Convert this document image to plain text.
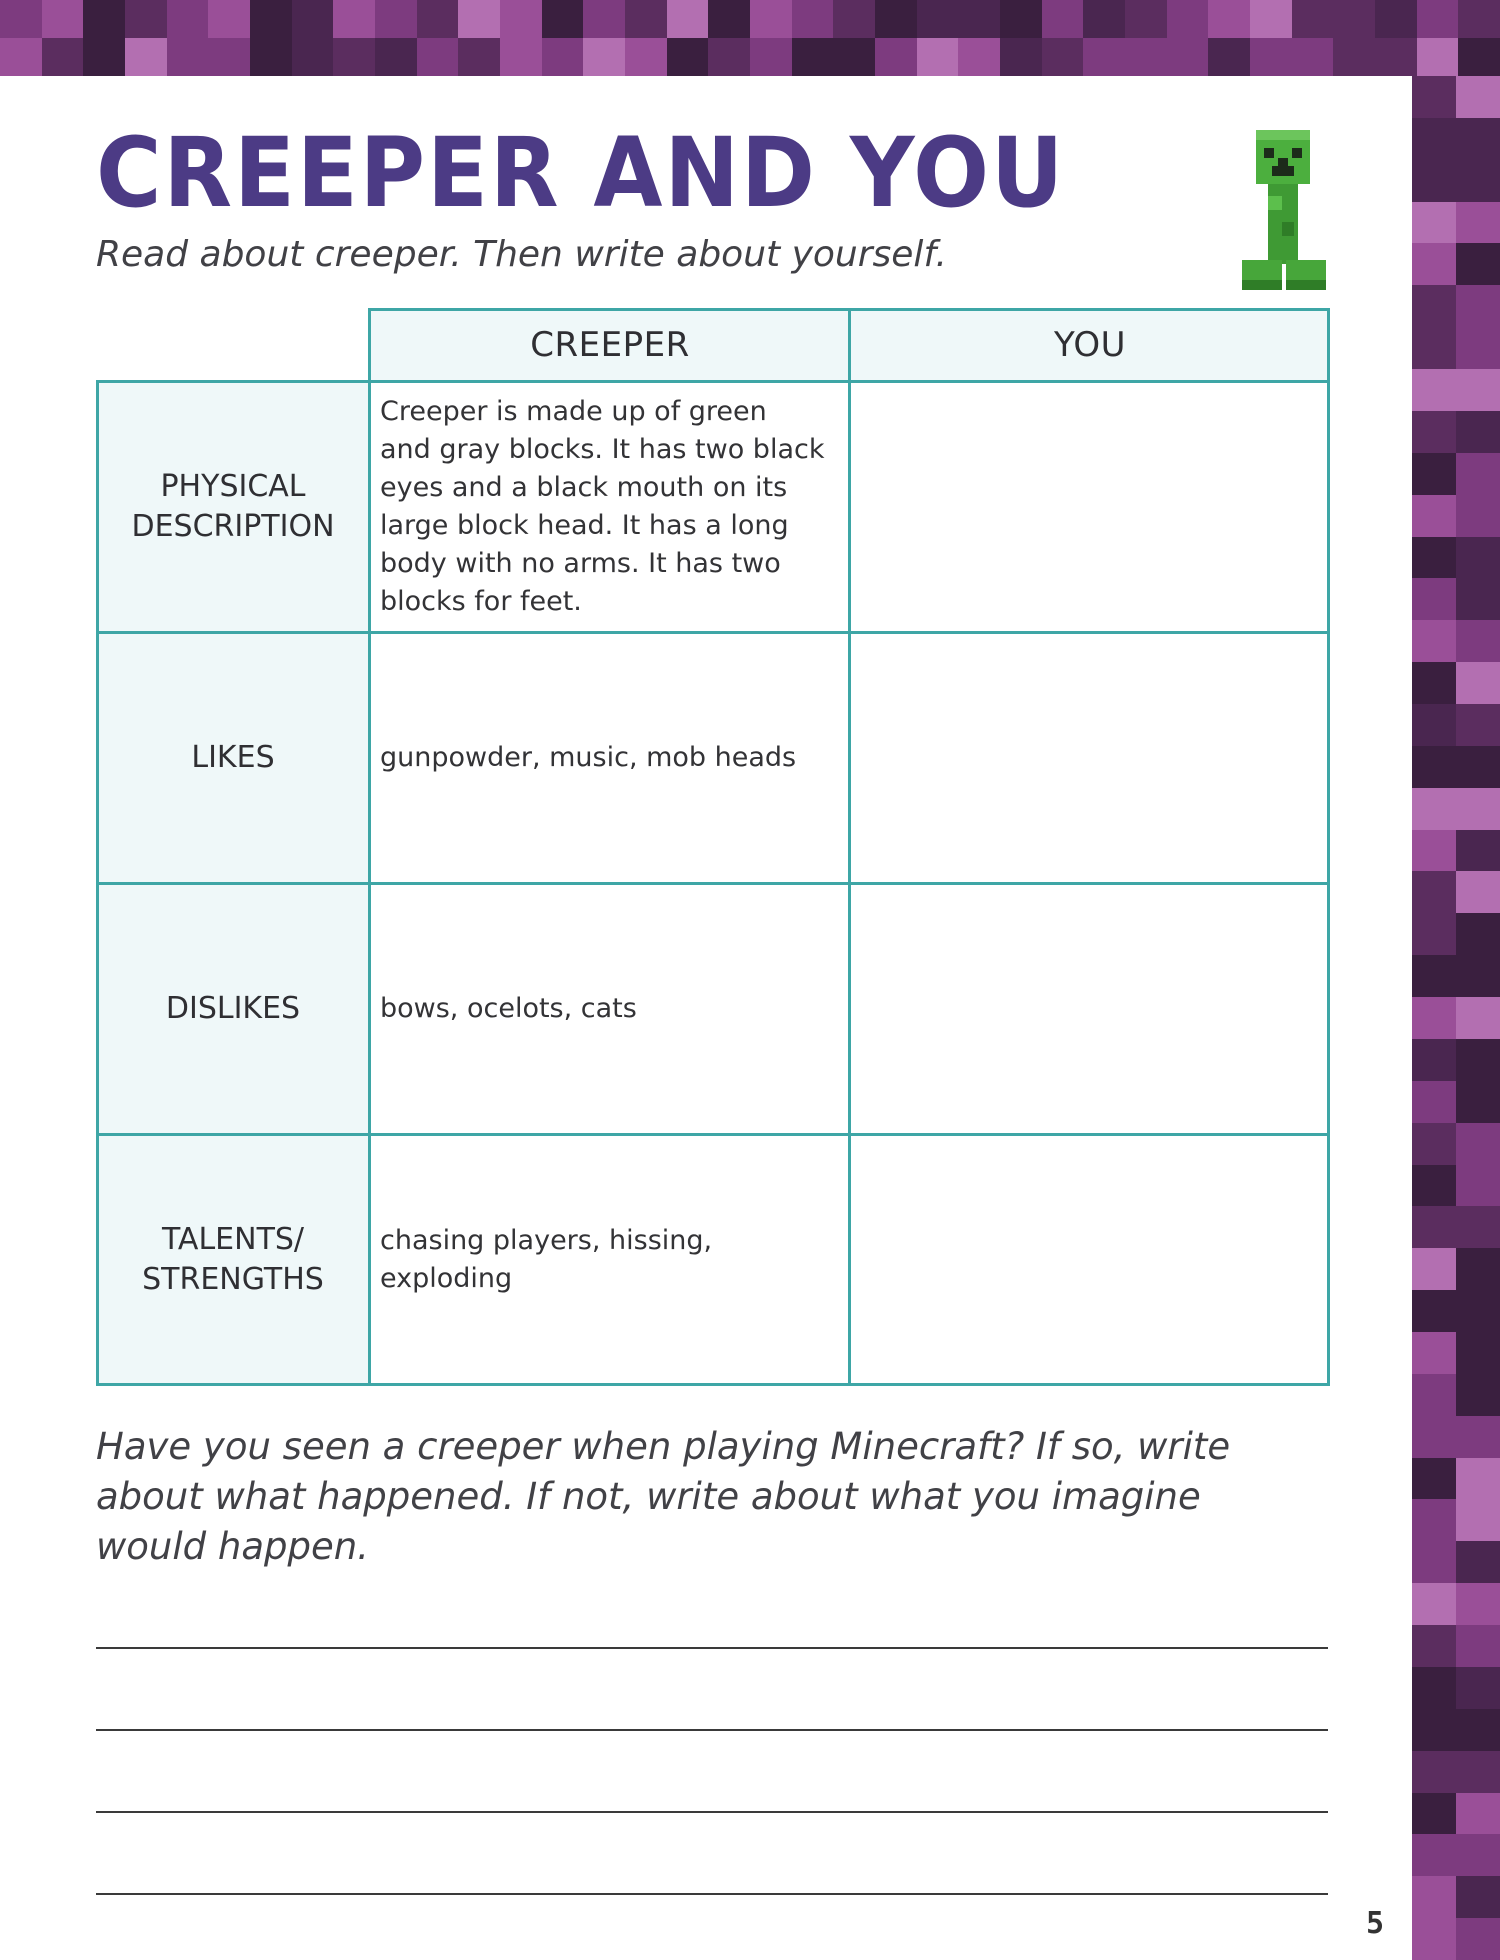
CREEPER AND YOU

Read about creeper. Then write about yourself.

CREEPER	YOU
PHYSICAL
DESCRIPTION
LIKES
DISLIKES
TALENTS/
STRENGTHS
Creeper is made up of green
and gray blocks. It has two black
eyes and a black mouth on its
large block head. It has a long
body with no arms. It has two
blocks for feet.
gunpowder, music, mob heads
bows, ocelots, cats
chasing players, hissing, exploding

Have you seen a creeper when playing Minecraft? If so, write
about what happened. If not, write about what you imagine
would happen.

5
